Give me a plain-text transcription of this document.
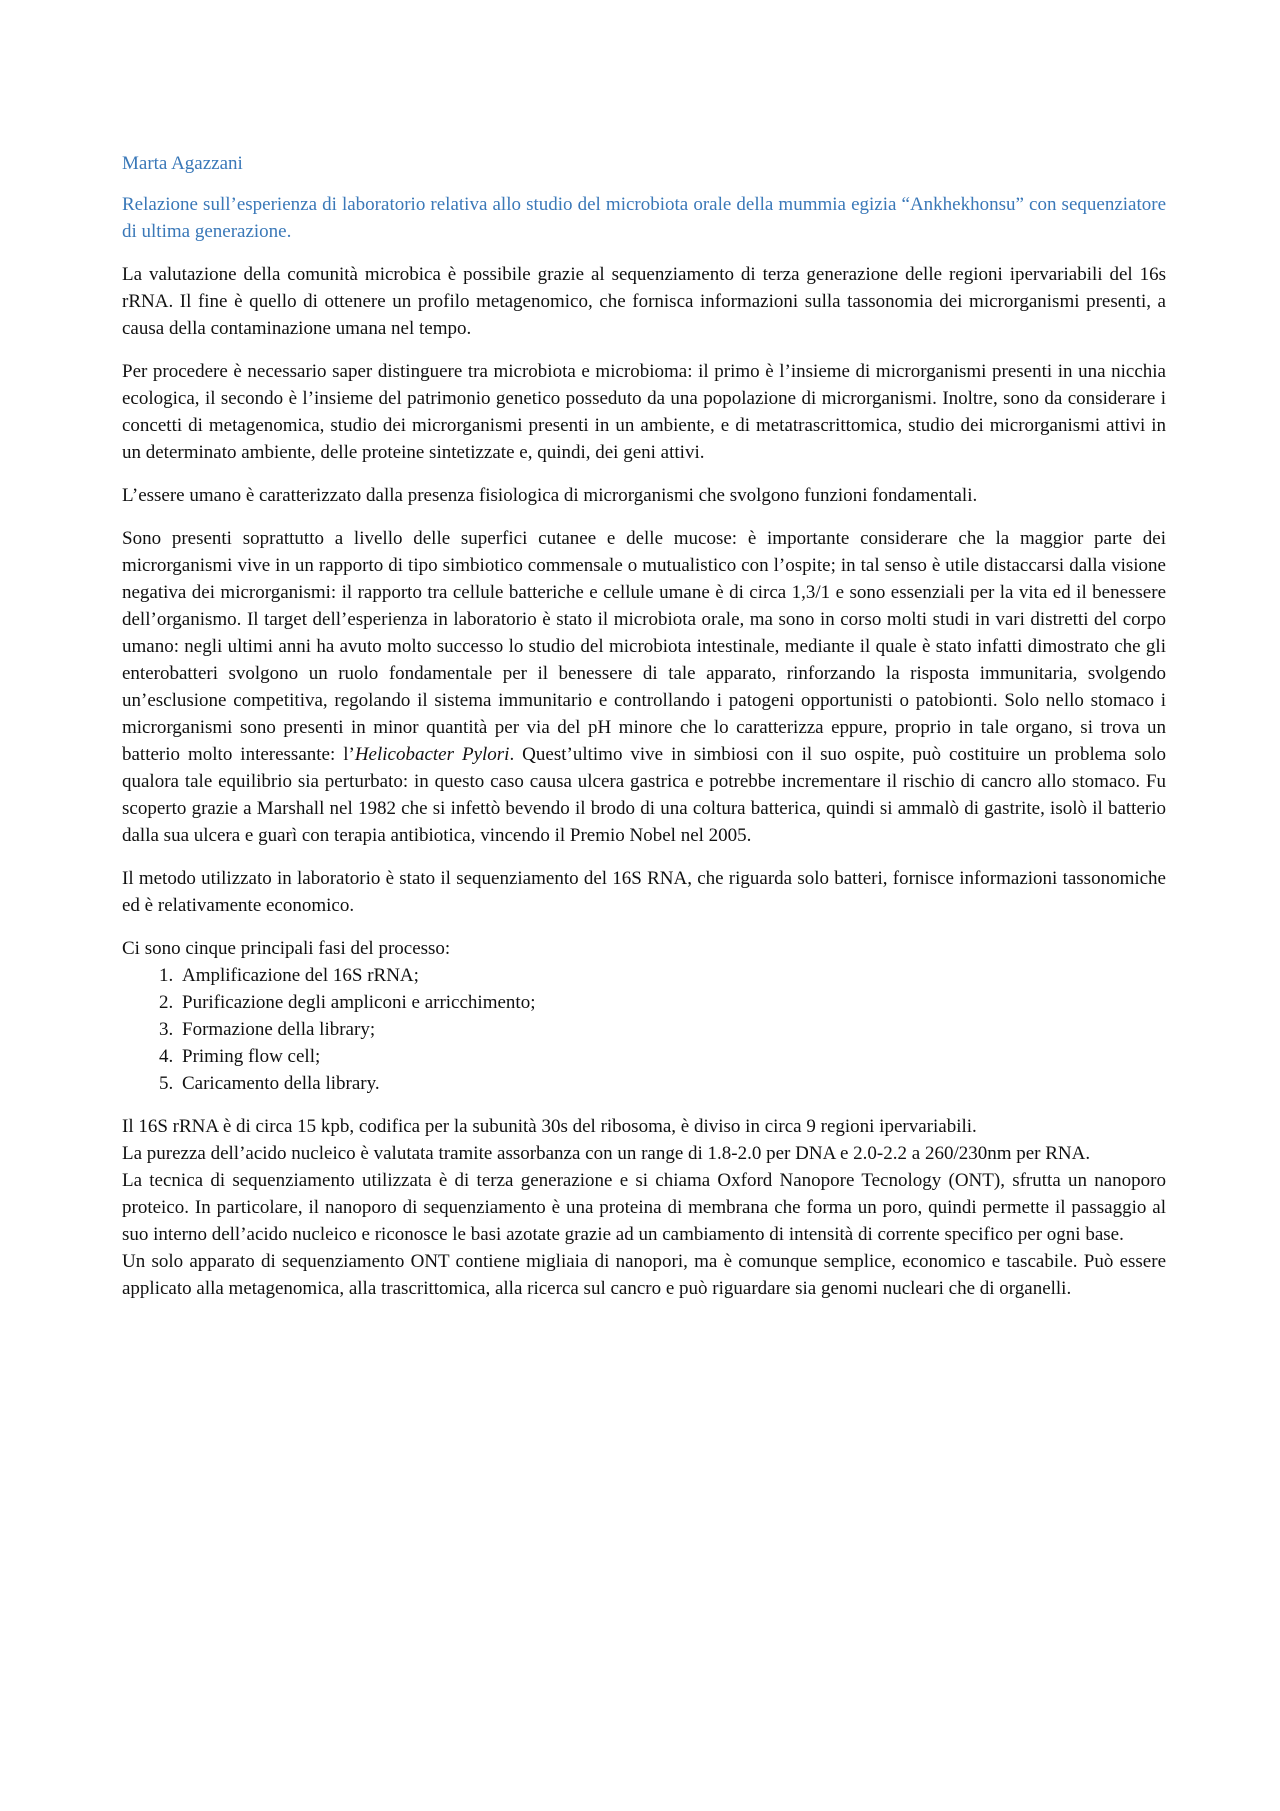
Marta Agazzani

Relazione sull’esperienza di laboratorio relativa allo studio del microbiota orale della mummia egizia “Ankhekhonsu” con sequenziatore di ultima generazione.

La valutazione della comunità microbica è possibile grazie al sequenziamento di terza generazione delle regioni ipervariabili del 16s rRNA. Il fine è quello di ottenere un profilo metagenomico, che fornisca informazioni sulla tassonomia dei microrganismi presenti, a causa della contaminazione umana nel tempo.

Per procedere è necessario saper distinguere tra microbiota e microbioma: il primo è l’insieme di microrganismi presenti in una nicchia ecologica, il secondo è l’insieme del patrimonio genetico posseduto da una popolazione di microrganismi. Inoltre, sono da considerare i concetti di metagenomica, studio dei microrganismi presenti in un ambiente, e di metatrascrittomica, studio dei microrganismi attivi in un determinato ambiente, delle proteine sintetizzate e, quindi, dei geni attivi.

L’essere umano è caratterizzato dalla presenza fisiologica di microrganismi che svolgono funzioni fondamentali.

Sono presenti soprattutto a livello delle superfici cutanee e delle mucose: è importante considerare che la maggior parte dei microrganismi vive in un rapporto di tipo simbiotico commensale o mutualistico con l’ospite; in tal senso è utile distaccarsi dalla visione negativa dei microrganismi: il rapporto tra cellule batteriche e cellule umane è di circa 1,3/1 e sono essenziali per la vita ed il benessere dell’organismo. Il target dell’esperienza in laboratorio è stato il microbiota orale, ma sono in corso molti studi in vari distretti del corpo umano: negli ultimi anni ha avuto molto successo lo studio del microbiota intestinale, mediante il quale è stato infatti dimostrato che gli enterobatteri svolgono un ruolo fondamentale per il benessere di tale apparato, rinforzando la risposta immunitaria, svolgendo un’esclusione competitiva, regolando il sistema immunitario e controllando i patogeni opportunisti o patobionti. Solo nello stomaco i microrganismi sono presenti in minor quantità per via del pH minore che lo caratterizza eppure, proprio in tale organo, si trova un batterio molto interessante: l’Helicobacter Pylori. Quest’ultimo vive in simbiosi con il suo ospite, può costituire un problema solo qualora tale equilibrio sia perturbato: in questo caso causa ulcera gastrica e potrebbe incrementare il rischio di cancro allo stomaco. Fu scoperto grazie a Marshall nel 1982 che si infettò bevendo il brodo di una coltura batterica, quindi si ammalò di gastrite, isolò il batterio dalla sua ulcera e guarì con terapia antibiotica, vincendo il Premio Nobel nel 2005.

Il metodo utilizzato in laboratorio è stato il sequenziamento del 16S RNA, che riguarda solo batteri, fornisce informazioni tassonomiche ed è relativamente economico.

Ci sono cinque principali fasi del processo:

1. Amplificazione del 16S rRNA;
2. Purificazione degli ampliconi e arricchimento;
3. Formazione della library;
4. Priming flow cell;
5. Caricamento della library.

Il 16S rRNA è di circa 15 kpb, codifica per la subunità 30s del ribosoma, è diviso in circa 9 regioni ipervariabili.

La purezza dell’acido nucleico è valutata tramite assorbanza con un range di 1.8-2.0 per DNA e 2.0-2.2 a 260/230nm per RNA.

La tecnica di sequenziamento utilizzata è di terza generazione e si chiama Oxford Nanopore Tecnology (ONT), sfrutta un nanoporo proteico. In particolare, il nanoporo di sequenziamento è una proteina di membrana che forma un poro, quindi permette il passaggio al suo interno dell’acido nucleico e riconosce le basi azotate grazie ad un cambiamento di intensità di corrente specifico per ogni base.

Un solo apparato di sequenziamento ONT contiene migliaia di nanopori, ma è comunque semplice, economico e tascabile. Può essere applicato alla metagenomica, alla trascrittomica, alla ricerca sul cancro e può riguardare sia genomi nucleari che di organelli.
